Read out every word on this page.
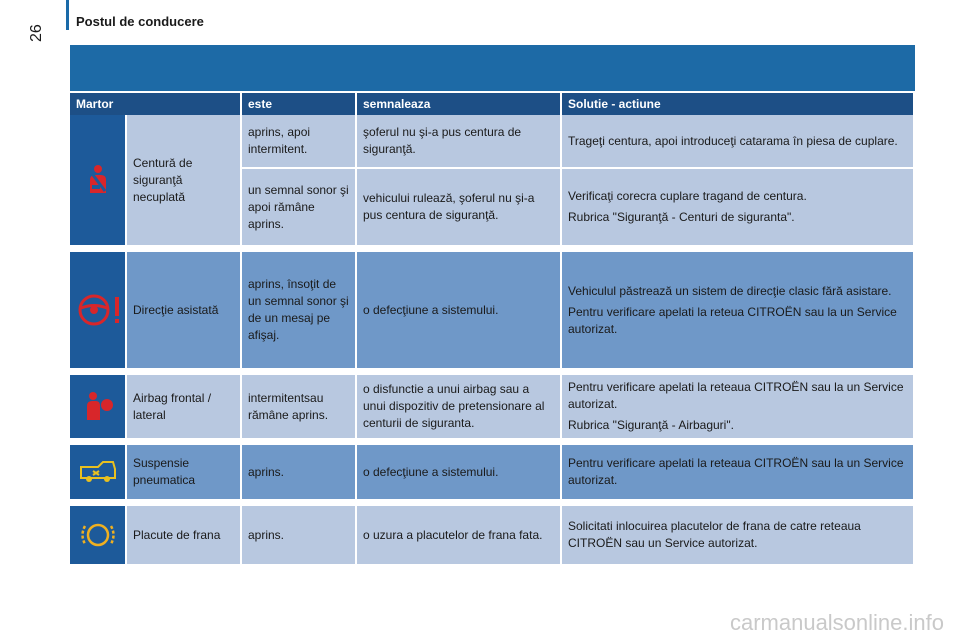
26
Postul de conducere
Martor		este	semnaleaza	Solutie - actiune
	Centură de siguranţă necuplată	aprins, apoi intermitent.	şoferul nu şi-a pus centura de siguranţă.	Trageţi centura, apoi introduceţi catarama în piesa de cuplare.

		un semnal sonor şi apoi rămâne aprins.	vehicului rulează, şoferul nu şi-a pus centura de siguranţă.	Verificaţi corecra cuplare tragand de centura.

Rubrica "Siguranţă - Centuri de siguranta".

	Direcţie asistată	aprins, însoţit de un semnal sonor şi de un mesaj pe afişaj.	o defecţiune a sistemului.	Vehiculul păstrează un sistem de direcţie clasic fără asistare.

Pentru verificare apelati la reteua CITROËN sau la un Service autorizat.

	Airbag frontal / lateral	intermitentsau rămâne aprins.	o disfunctie a unui airbag sau a unui dispozitiv de pretensionare al centurii de siguranta.	Pentru verificare apelati la reteaua CITROËN sau la un Service autorizat.

Rubrica "Siguranţă - Airbaguri".

	Suspensie pneumatica	aprins.	o defecţiune a sistemului.	Pentru verificare apelati la reteaua CITROËN sau la un Service autorizat.

	Placute de frana	aprins.	o uzura a placutelor de frana fata.	Solicitati inlocuirea placutelor de frana de catre reteaua CITROËN sau un Service autorizat.

carmanualsonline.info
